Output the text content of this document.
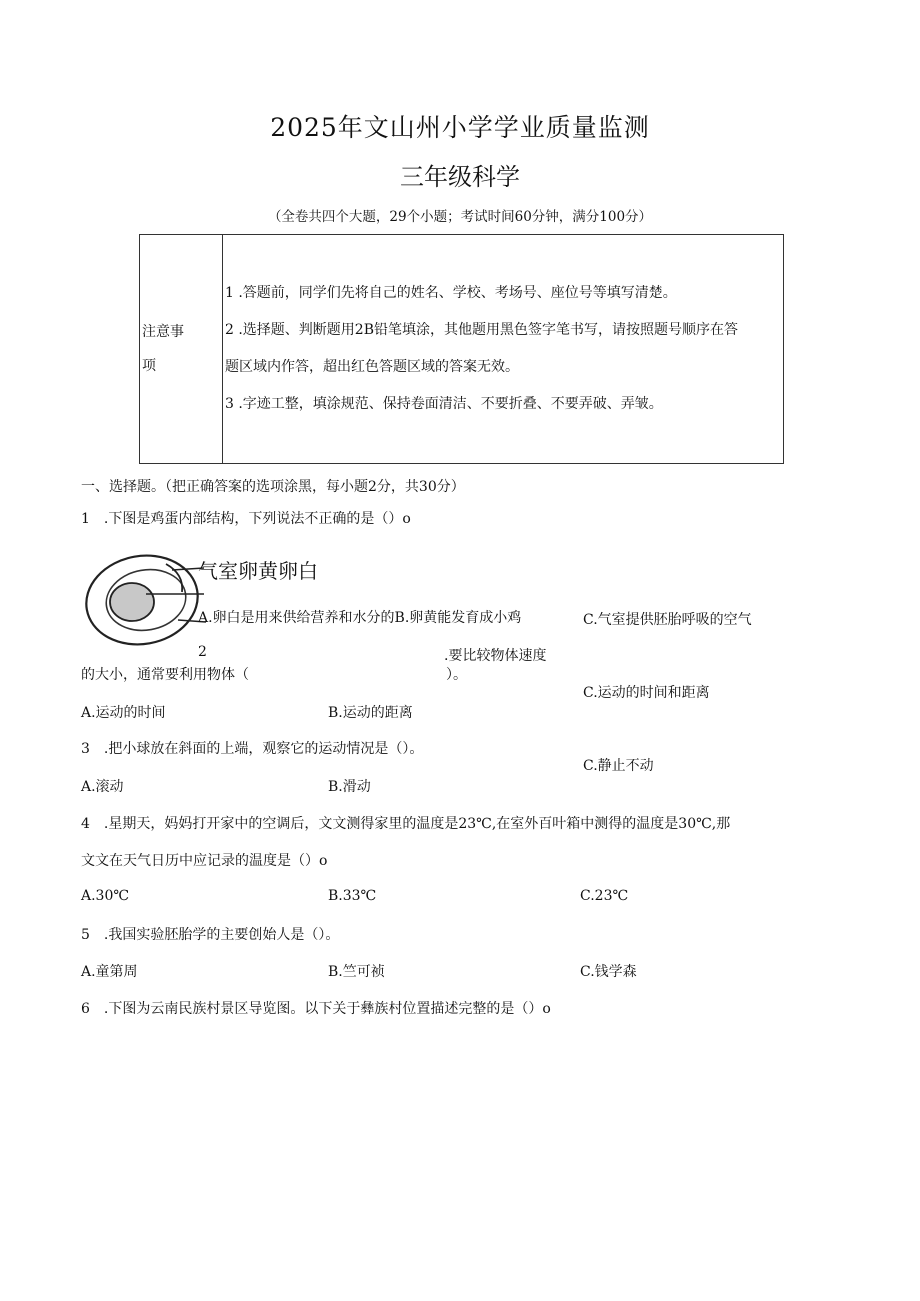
2025年文山州小学学业质量监测
三年级科学
（全卷共四个大题，29个小题；考试时间60分钟，满分100分）
注意事
项

1 .答题前，同学们先将自己的姓名、学校、考场号、座位号等填写清楚。
2 .选择题、判断题用2B铅笔填涂，其他题用黑色签字笔书写，请按照题号顺序在答
题区域内作答，超出红色答题区域的答案无效。
3 .字迹工整，填涂规范、保持卷面清洁、不要折叠、不要弄破、弄皱。
一、选择题。（把正确答案的选项涂黑，每小题2分，共30分）
1　.下图是鸡蛋内部结构，下列说法不正确的是（）o
气室卵黄卵白
A.卵白是用来供给营养和水分的B.卵黄能发育成小鸡	C.气室提供胚胎呼吸的空气
2	.要比较物体速度
的大小，通常要利用物体（	）。
C.运动的时间和距离
A.运动的时间	B.运动的距离
3　.把小球放在斜面的上端，观察它的运动情况是（）。
C.静止不动
A.滚动	B.滑动
4　.星期天，妈妈打开家中的空调后，文文测得家里的温度是23℃,在室外百叶箱中测得的温度是30℃,那
文文在天气日历中应记录的温度是（）o
A.30℃	B.33℃	C.23℃
5　.我国实验胚胎学的主要创始人是（）。
A.童第周	B.竺可祯	C.钱学森
6　.下图为云南民族村景区导览图。以下关于彝族村位置描述完整的是（）o
